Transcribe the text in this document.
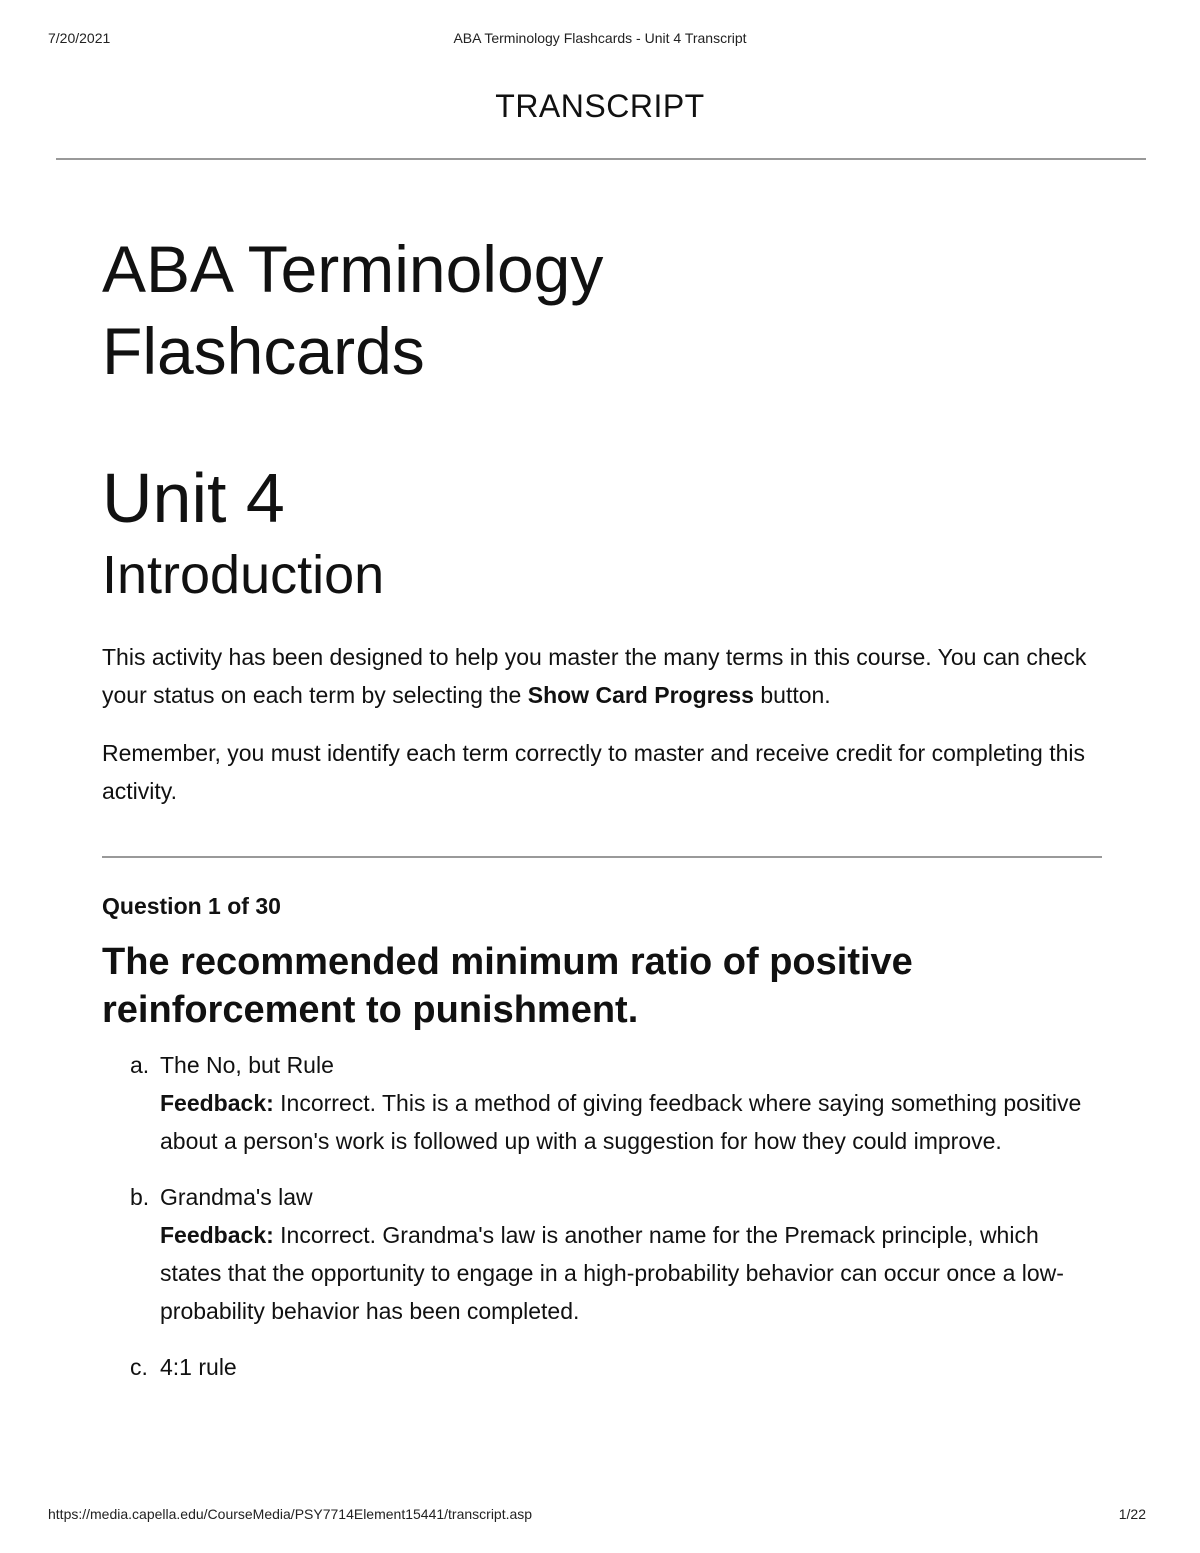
7/20/2021	ABA Terminology Flashcards - Unit 4 Transcript
TRANSCRIPT
ABA Terminology
Flashcards
Unit 4
Introduction

This activity has been designed to help you master the many terms in this course. You can check your status on each term by selecting the Show Card Progress button.

Remember, you must identify each term correctly to master and receive credit for completing this activity.

Question 1 of 30
The recommended minimum ratio of positive reinforcement to punishment.
a. The No, but Rule
Feedback: Incorrect. This is a method of giving feedback where saying something positive about a person's work is followed up with a suggestion for how they could improve.
b. Grandma's law
Feedback: Incorrect. Grandma's law is another name for the Premack principle, which states that the opportunity to engage in a high-probability behavior can occur once a low-probability behavior has been completed.
c. 4:1 rule
https://media.capella.edu/CourseMedia/PSY7714Element15441/transcript.asp	1/22
